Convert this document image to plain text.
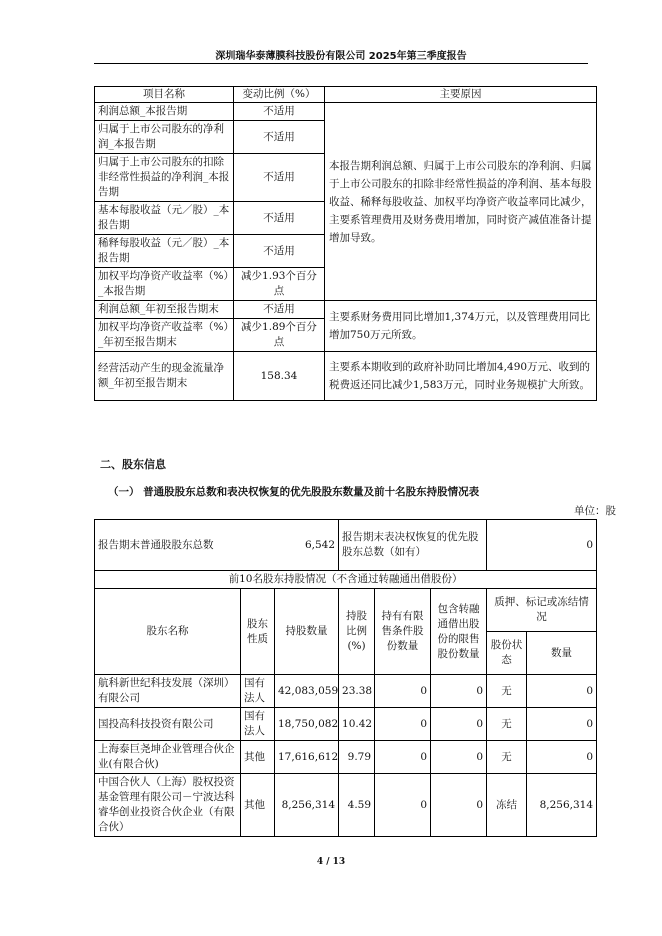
深圳瑞华泰薄膜科技股份有限公司 2025年第三季度报告
项目名称	变动比例（%）	主要原因
利润总额_本报告期	不适用	本报告期利润总额、归属于上市公司股东的净利润、归属于上市公司股东的扣除非经常性损益的净利润、基本每股收益、稀释每股收益、加权平均净资产收益率同比减少，主要系管理费用及财务费用增加，同时资产减值准备计提增加导致。
归属于上市公司股东的净利润_本报告期	不适用	
归属于上市公司股东的扣除非经常性损益的净利润_本报告期	不适用	
基本每股收益（元／股）_本报告期	不适用	
稀释每股收益（元／股）_本报告期	不适用	
加权平均净资产收益率（%）_本报告期	减少1.93个百分点	
利润总额_年初至报告期末	不适用	主要系财务费用同比增加1,374万元，以及管理费用同比增加750万元所致。
加权平均净资产收益率（%）_年初至报告期末	减少1.89个百分点	
经营活动产生的现金流量净额_年初至报告期末	158.34	主要系本期收到的政府补助同比增加4,490万元、收到的税费返还同比减少1,583万元，同时业务规模扩大所致。
二、股东信息
（一） 普通股股东总数和表决权恢复的优先股股东数量及前十名股东持股情况表
单位：股
报告期末普通股股东总数 6,542			报告期末表决权恢复的优先股股东总数（如有）			0	
前10名股东持股情况（不含通过转融通出借股份）							
股东名称	股东性质	持股数量	持股比例(%)	持有有限售条件股份数量	包含转融通借出股份的限售股份数量	质押、标记或冻结情况	
						股份状态	数量
航科新世纪科技发展（深圳）有限公司	国有法人	42,083,059	23.38	0	0	无	0
国投高科技投资有限公司	国有法人	18,750,082	10.42	0	0	无	0
上海泰巨尧坤企业管理合伙企业(有限合伙)	其他	17,616,612	9.79	0	0	无	0
中国合伙人（上海）股权投资基金管理有限公司－宁波达科睿华创业投资合伙企业（有限合伙）	其他	8,256,314	4.59	0	0	冻结	8,256,314
4 / 13
